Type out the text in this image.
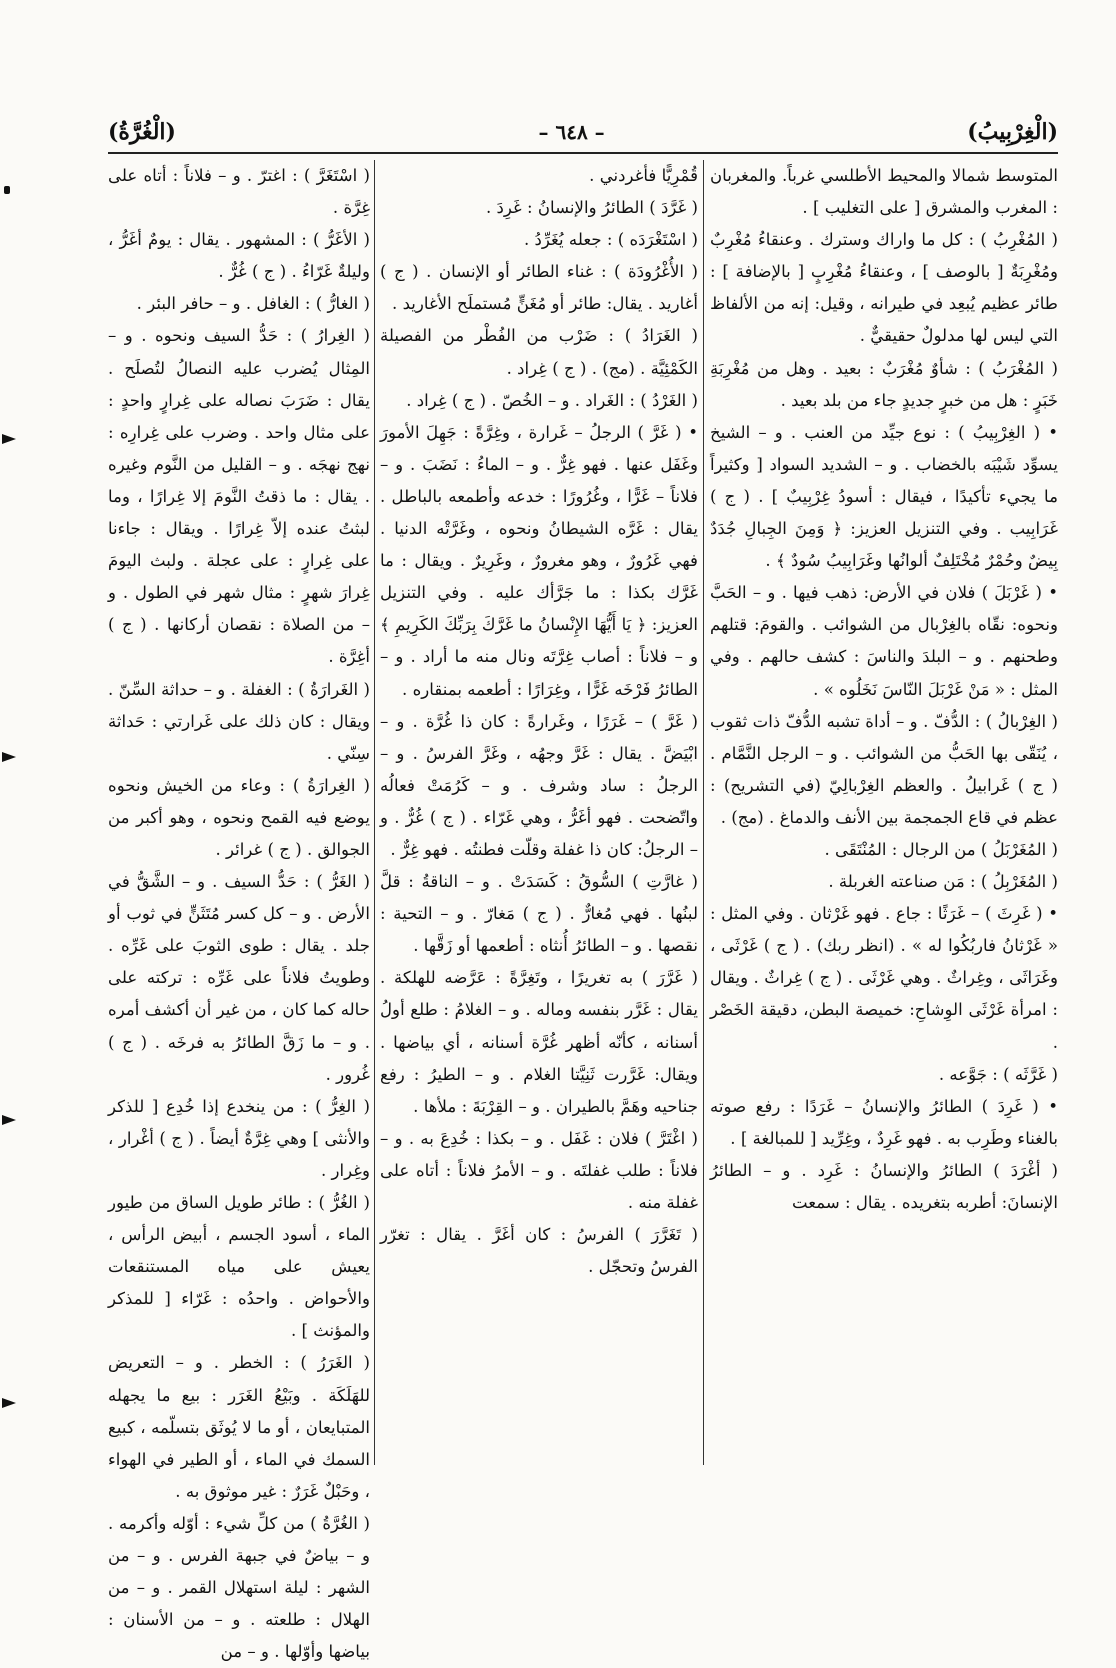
(الْغِرْبِيبُ)
– ٦٤٨ –
(الْغُرَّةُ)

المتوسط شمالا والمحيط الأطلسي غرباً. والمغربان : المغرب والمشرق [ على التغليب ] .

( المُغْرِبُ ) : كل ما واراك وسترك . وعنقاءُ مُغْرِبٌ ومُغْرِبَةٌ [ بالوصف ] ، وعنقاءُ مُغْرِبٍ [ بالإضافة ] : طائر عظيم يُبعِد في طيرانه ، وقيل: إنه من الألفاظ التي ليس لها مدلولٌ حقيقيٌّ .

( المُغْرَبُ ) : شأوٌ مُغْرَبٌ : بعيد . وهل من مُغْرِبَةِ خَبَرٍ : هل من خبرٍ جديدٍ جاء من بلد بعيد .

• ( الغِرْبِيبُ ) : نوع جيِّد من العنب . و – الشيخ يسوِّد شَيْبَه بالخضاب . و – الشديد السواد [ وكثيراً ما يجيء تأكيدًا ، فيقال : أسودُ غِرْبِيبٌ ] . ( ج ) غَرَابِيب . وفي التنزيل العزيز: ﴿ وَمِنَ الجِبالِ جُدَدٌ بِيضٌ وحُمْرٌ مُخْتَلِفٌ ألوانُها وغَرَابِيبُ سُودٌ ﴾ .

• ( غَرْبَلَ ) فلان في الأرض: ذهب فيها . و – الحَبَّ ونحوه: نقّاه بالغِرْبال من الشوائب . والقومَ: قتلهم وطحنهم . و – البلدَ والناسَ : كشف حالهم . وفي المثل : « مَنْ غَرْبَلَ النّاسَ نَخَلُوه » .

( الغِرْبالُ ) : الدُّفّ . و – أداة تشبه الدُّفّ ذات ثقوب ، يُنَقّى بها الحَبُّ من الشوائب . و – الرجل النَّمَّام . ( ج ) غَرابيلُ . والعظم الغِرْبالِيّ (في التشريح) : عظم في قاع الجمجمة بين الأنف والدماغ . (مج) .

( المُغَرْبَلُ ) من الرجال : المُنْتَقَى .

( المُغَرْبِلُ ) : مَن صناعته الغربلة .

• ( غَرِثَ ) – غَرَثًا : جاع . فهو غَرْثان . وفي المثل : « غَرْثانُ فاربُكُوا له » . (انظر ربك) . ( ج ) غَرْثَى ، وغَرَاثَى ، وغِراثٌ . وهي غَرْثَى . ( ج ) غِراثٌ . ويقال : امرأة غَرْثَى الوِشاحِ: خميصة البطن، دقيقة الخَصْر .

( غَرَّثَه ) : جَوَّعه .

• ( غَرِدَ ) الطائرُ والإنسانُ – غَرَدًا : رفع صوته بالغناء وطَرِب به . فهو غَرِدٌ ، وغِرِّيد [ للمبالغة ] .

( أغْرَدَ ) الطائرُ والإنسانُ : غَرِد . و – الطائرُ الإنسانَ: أطربه بتغريده . يقال : سمعت

قُمْرِيًّا فأغردني .

( غَرَّدَ ) الطائرُ والإنسانُ : غَرِدَ .

( اسْتَغْرَدَه ) : جعله يُغَرِّدُ .

( الأُغْرُودَة ) : غناء الطائر أو الإنسان . ( ج ) أغاريد . يقال: طائر أو مُغَنٍّ مُستملَح الأغاريد .

( الغَرَادُ ) : ضَرْب من الفُطْر من الفصيلة الكَمْئِيَّة . (مج) . ( ج ) غِراد .

( الغَرْدُ ) : الغَراد . و – الخُصّ . ( ج ) غِراد .

• ( غَرَّ ) الرجلُ – غَرارة ، وغِرَّةً : جَهِلَ الأمورَ وغَفَل عنها . فهو غِرٌّ . و – الماءُ : نَضَبَ . و – فلاناً – غَرًّا ، وغُرُورًا : خدعه وأطمعه بالباطل . يقال : غَرَّه الشيطانُ ونحوه ، وغَرَّتْه الدنيا . فهي غَرُورٌ ، وهو مغرورٌ ، وغَرِيرٌ . ويقال : ما غَرَّك بكذا : ما جَرَّأك عليه . وفي التنزيل العزيز: ﴿ يَا أَيُّهَا الإِنْسانُ ما غَرَّكَ بِرَبِّكَ الكَرِيمِ ﴾ و – فلاناً : أصاب غِرَّتَه ونال منه ما أراد . و – الطائرُ فَرْخَه غَرًّا ، وغِرَارًا : أطعمه بمنقاره .

( غَرَّ ) – غَرَرًا ، وغَرارةً : كان ذا غُرَّة . و – ابْيَضَّ . يقال : غَرَّ وجهُه ، وغَرَّ الفرسُ . و – الرجلُ : ساد وشرف . و – كَرُمَتْ فعالُه واتّضحت . فهو أغَرُّ ، وهي غَرّاء . ( ج ) غُرٌّ . و – الرجلُ: كان ذا غفلة وقلّت فطنتُه . فهو غِرٌّ .

( غارَّتِ ) السُّوقُ : كَسَدَتْ . و – الناقةُ : قلَّ لبنُها . فهي مُغارٌّ . ( ج ) مَغارّ . و – التحية : نقصها . و – الطائرُ أُنثاه : أطعمها أو زَقَّها .

( غَرَّرَ ) به تغريرًا ، وتَغِرَّةً : عَرَّضه للهلكة . يقال : غَرَّر بنفسه وماله . و – الغلامُ : طلع أولُ أسنانه ، كأنّه أظهر غُرَّة أسنانه ، أي بياضها . ويقال: غَرَّرت ثَنِيَّتا الغلام . و – الطيرُ : رفع جناحيه وهَمَّ بالطيران . و – القِرْبَةَ : ملأها .

( اغْتَرَّ ) فلان : غَفَل . و – بكذا : خُدِعَ به . و – فلاناً : طلب غفلتَه . و – الأمرُ فلاناً : أتاه على غفلة منه .

( تَغَرَّرَ ) الفرسُ : كان أغَرَّ . يقال : تغرّر الفرسُ وتحجّل .

( اسْتَغَرَّ ) : اغترّ . و – فلاناً : أتاه على غِرَّة .

( الأغَرُّ ) : المشهور . يقال : يومٌ أغَرُّ ، وليلةٌ غَرّاءُ . ( ج ) غُرٌّ .

( الغارُّ ) : الغافل . و – حافر البئر .

( الغِرارُ ) : حَدُّ السيف ونحوه . و – المِثال يُضرب عليه النصالُ لتُصلَح . يقال : ضَرَبَ نصاله على غِرارٍ واحدٍ : على مثال واحد . وضرب على غِرارِه : نهج نهجَه . و – القليل من النَّوم وغيره . يقال : ما ذقتُ النَّومَ إلا غِرارًا ، وما لبثتُ عنده إلاّ غِرارًا . ويقال : جاءنا على غِرارٍ : على عجلة . ولبث اليومَ غِرارَ شهرٍ : مثال شهر في الطول . و – من الصلاة : نقصان أركانها . ( ج ) أغِرَّة .

( الغَرارَةُ ) : الغفلة . و – حداثة السِّنّ . ويقال : كان ذلك على غَرارتي : حَداثة سِنّي .

( الغِرارَةُ ) : وعاء من الخيش ونحوه يوضع فيه القمح ونحوه ، وهو أكبر من الجوالق . ( ج ) غرائر .

( الغَرُّ ) : حَدُّ السيف . و – الشَّقُّ في الأرض . و – كل كسر مُتَثَنٍّ في ثوب أو جلد . يقال : طوى الثوبَ على غَرِّه . وطويتُ فلاناً على غَرِّه : تركته على حاله كما كان ، من غير أن أكشف أمره . و – ما زَقَّ الطائرُ به فرخَه . ( ج ) غُرور .

( الغِرُّ ) : من ينخدع إذا خُدِع [ للذكر والأنثى ] وهي غِرَّةٌ أيضاً . ( ج ) أغْرار ، وغِرار .

( الغُرُّ ) : طائر طويل الساق من طيور الماء ، أسود الجسم ، أبيض الرأس ، يعيش على مياه المستنقعات والأحواض . واحدُه : غَرّاء [ للمذكر والمؤنث ] .

( الغَرَرُ ) : الخطر . و – التعريض للهَلَكَة . وبَيْعُ الغَرَر : بيع ما يجهله المتبايعان ، أو ما لا يُوثَق بتسلّمه ، كبيع السمك في الماء ، أو الطير في الهواء ، وحَبْلٌ غَرَرٌ : غير موثوق به .

( الغُرَّةُ ) من كلِّ شيء : أوّله وأكرمه . و – بياضٌ في جبهة الفرس . و – من الشهر : ليلة استهلال القمر . و – من الهلال : طلعته . و – من الأسنان : بياضها وأوّلها . و – من
